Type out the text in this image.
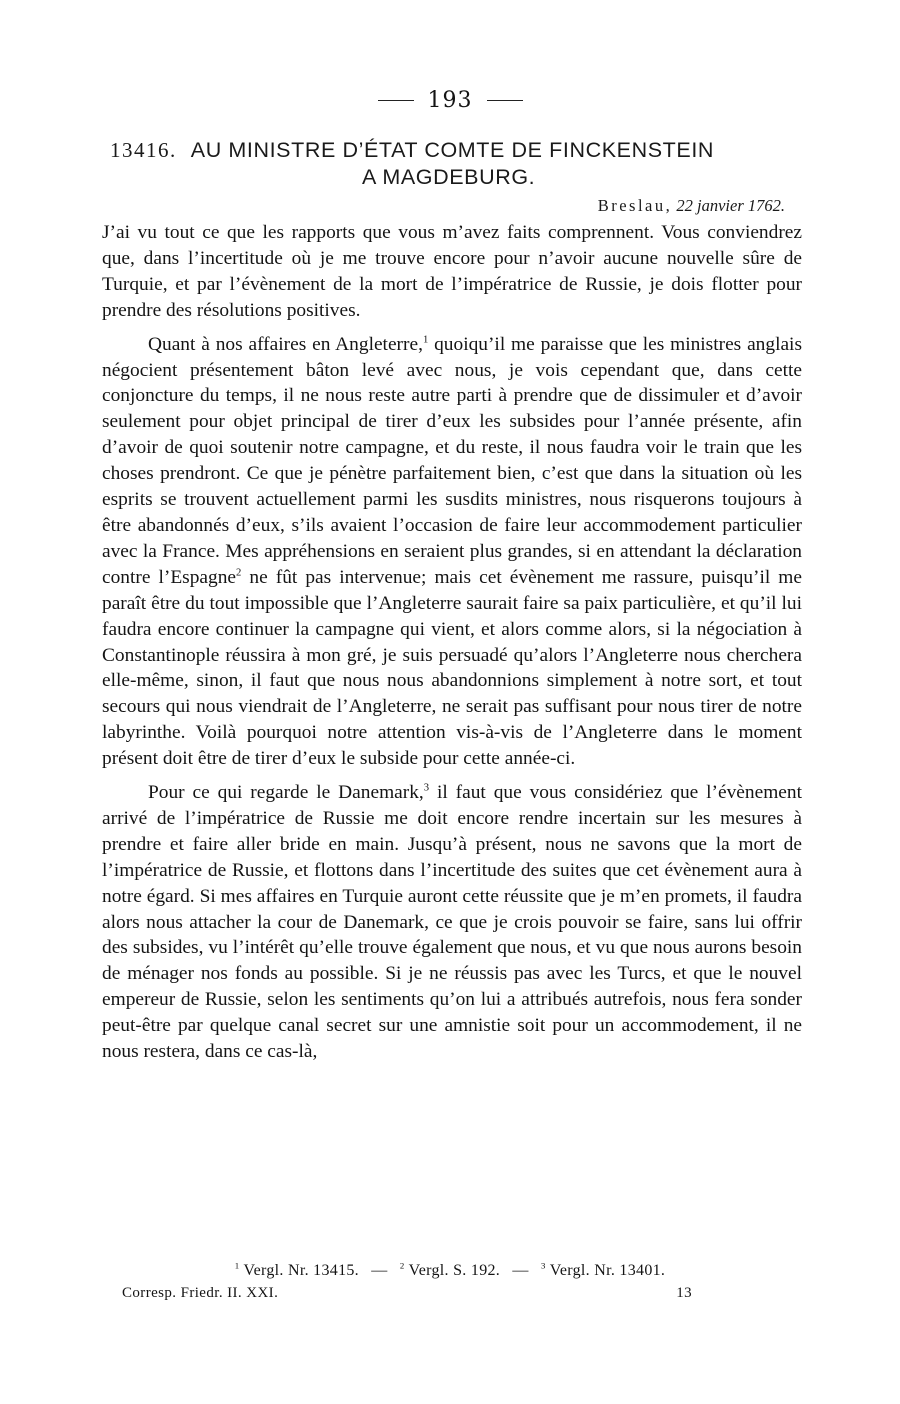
193
13416. AU MINISTRE D’ÉTAT COMTE DE FINCKENSTEIN
A MAGDEBURG.
Breslau, 22 janvier 1762.

J’ai vu tout ce que les rapports que vous m’avez faits comprennent. Vous conviendrez que, dans l’incertitude où je me trouve encore pour n’avoir aucune nouvelle sûre de Turquie, et par l’évènement de la mort de l’impératrice de Russie, je dois flotter pour prendre des résolutions positives.

Quant à nos affaires en Angleterre,$^1$ quoiqu’il me paraisse que les ministres anglais négocient présentement bâton levé avec nous, je vois cependant que, dans cette conjoncture du temps, il ne nous reste autre parti à prendre que de dissimuler et d’avoir seulement pour objet principal de tirer d’eux les subsides pour l’année présente, afin d’avoir de quoi soutenir notre campagne, et du reste, il nous faudra voir le train que les choses prendront. Ce que je pénètre parfaitement bien, c’est que dans la situation où les esprits se trouvent actuellement parmi les susdits ministres, nous risquerons toujours à être abandonnés d’eux, s’ils avaient l’occasion de faire leur accommodement particulier avec la France. Mes appréhensions en seraient plus grandes, si en attendant la déclaration contre l’Espagne$^2$ ne fût pas intervenue; mais cet évènement me rassure, puisqu’il me paraît être du tout impossible que l’Angleterre saurait faire sa paix particulière, et qu’il lui faudra encore continuer la campagne qui vient, et alors comme alors, si la négociation à Constantinople réussira à mon gré, je suis persuadé qu’alors l’Angleterre nous cherchera elle-même, sinon, il faut que nous nous abandonnions simplement à notre sort, et tout secours qui nous viendrait de l’Angleterre, ne serait pas suffisant pour nous tirer de notre labyrinthe. Voilà pourquoi notre attention vis-à-vis de l’Angleterre dans le moment présent doit être de tirer d’eux le subside pour cette année-ci.

Pour ce qui regarde le Danemark,$^3$ il faut que vous considériez que l’évènement arrivé de l’impératrice de Russie me doit encore rendre incertain sur les mesures à prendre et faire aller bride en main. Jusqu’à présent, nous ne savons que la mort de l’impératrice de Russie, et flottons dans l’incertitude des suites que cet évènement aura à notre égard. Si mes affaires en Turquie auront cette réussite que je m’en promets, il faudra alors nous attacher la cour de Danemark, ce que je crois pouvoir se faire, sans lui offrir des subsides, vu l’intérêt qu’elle trouve également que nous, et vu que nous aurons besoin de ménager nos fonds au possible. Si je ne réussis pas avec les Turcs, et que le nouvel empereur de Russie, selon les sentiments qu’on lui a attribués autrefois, nous fera sonder peut-être par quelque canal secret sur une amnistie soit pour un accommodement, il ne nous restera, dans ce cas-là,

$^1$ Vergl. Nr. 13415. — $^2$ Vergl. S. 192. — $^3$ Vergl. Nr. 13401.
Corresp. Friedr. II. XXI.	13
